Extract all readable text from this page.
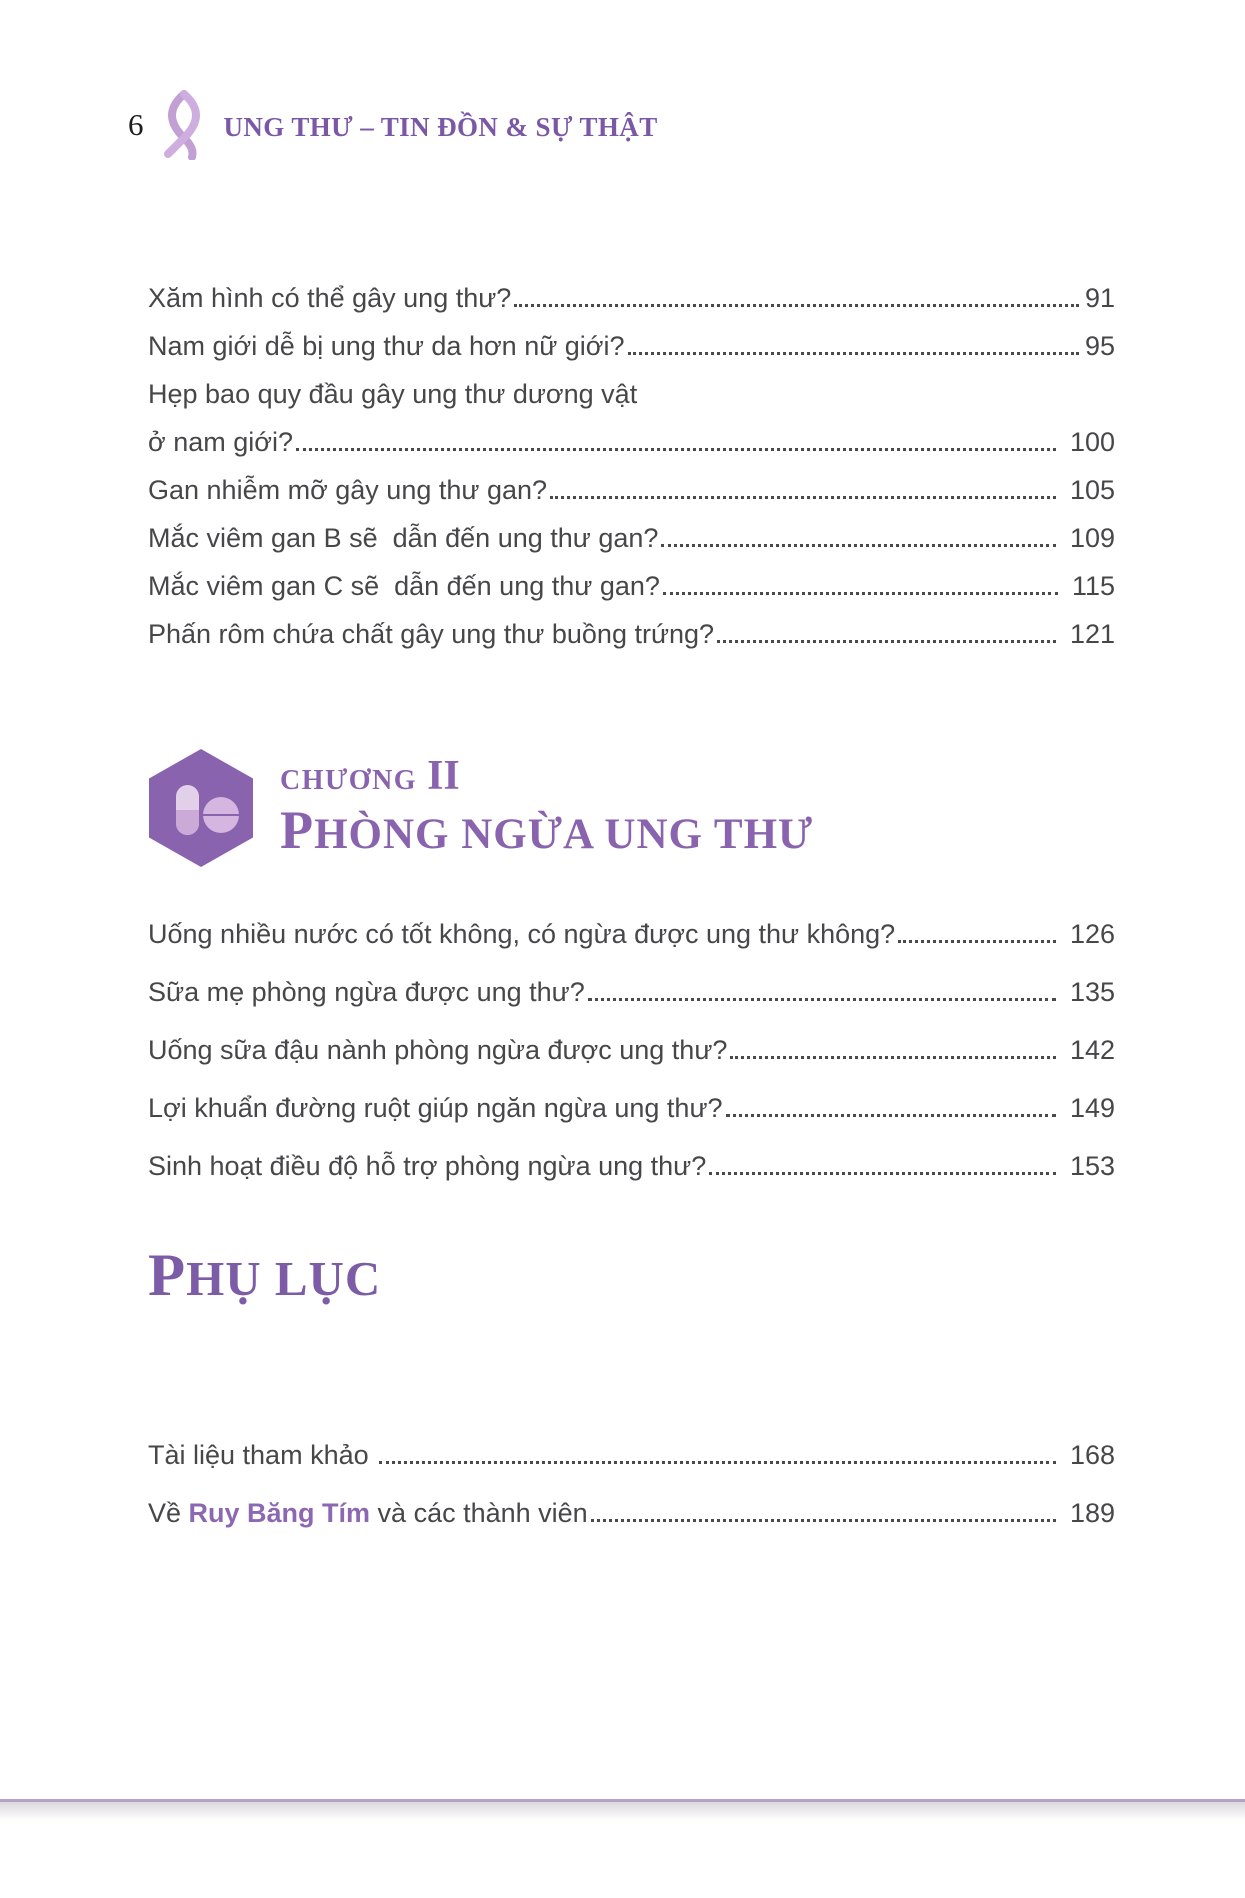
6	UNG THƯ – TIN ĐỒN & SỰ THẬT
Xăm hình có thể gây ung thư?	91
Nam giới dễ bị ung thư da hơn nữ giới?	95
Hẹp bao quy đầu gây ung thư dương vật
ở nam giới?	100
Gan nhiễm mỡ gây ung thư gan?	105
Mắc viêm gan B sẽ  dẫn đến ung thư gan?	109
Mắc viêm gan C sẽ  dẫn đến ung thư gan?	115
Phấn rôm chứa chất gây ung thư buồng trứng?	121
CHƯƠNG II
PHÒNG NGỪA UNG THƯ
Uống nhiều nước có tốt không, có ngừa được ung thư không?	126
Sữa mẹ phòng ngừa được ung thư?	135
Uống sữa đậu nành phòng ngừa được ung thư?	142
Lợi khuẩn đường ruột giúp ngăn ngừa ung thư?	149
Sinh hoạt điều độ hỗ trợ phòng ngừa ung thư?	153
PHỤ LỤC
Tài liệu tham khảo	168
Về Ruy Băng Tím và các thành viên	189
